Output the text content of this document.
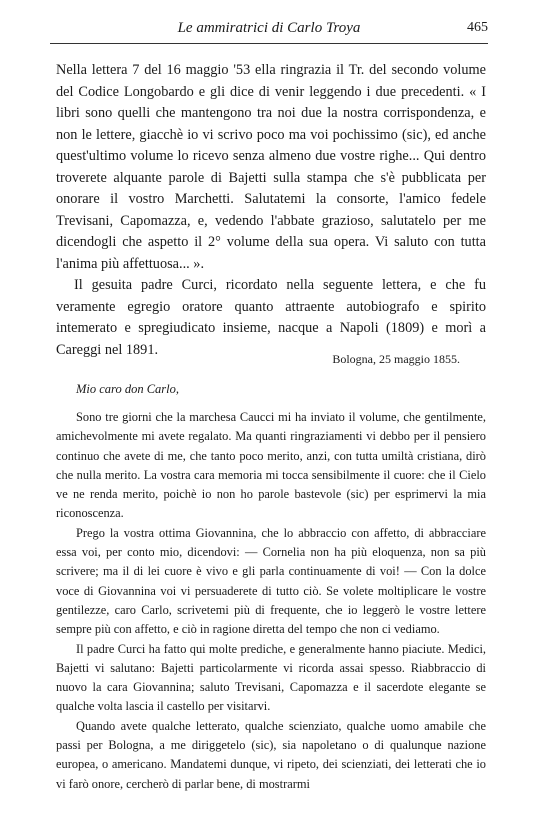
Le ammiratrici di Carlo Troya	465

Nella lettera 7 del 16 maggio '53 ella ringrazia il Tr. del secondo volume del Codice Longobardo e gli dice di venir leggendo i due precedenti. « I libri sono quelli che mantengono tra noi due la nostra corrispondenza, e non le lettere, giacchè io vi scrivo poco ma voi pochissimo (sic), ed anche quest'ultimo volume lo ricevo senza almeno due vostre righe... Qui dentro troverete alquante parole di Bajetti sulla stampa che s'è pubblicata per onorare il vostro Marchetti. Salutatemi la consorte, l'amico fedele Trevisani, Capomazza, e, vedendo l'abbate grazioso, salutatelo per me dicendogli che aspetto il 2° volume della sua opera. Vi saluto con tutta l'anima più affettuosa... ».

Il gesuita padre Curci, ricordato nella seguente lettera, e che fu veramente egregio oratore quanto attraente autobiografo e spirito intemerato e spregiudicato insieme, nacque a Napoli (1809) e morì a Careggi nel 1891.

Bologna, 25 maggio 1855.
Mio caro don Carlo,

Sono tre giorni che la marchesa Caucci mi ha inviato il volume, che gentilmente, amichevolmente mi avete regalato. Ma quanti ringraziamenti vi debbo per il pensiero continuo che avete di me, che tanto poco merito, anzi, con tutta umiltà cristiana, dirò che nulla merito. La vostra cara memoria mi tocca sensibilmente il cuore: che il Cielo ve ne renda merito, poichè io non ho parole bastevole (sic) per esprimervi la mia riconoscenza.

Prego la vostra ottima Giovannina, che lo abbraccio con affetto, di abbracciare essa voi, per conto mio, dicendovi: — Cornelia non ha più eloquenza, non sa più scrivere; ma il di lei cuore è vivo e gli parla continuamente di voi! — Con la dolce voce di Giovannina voi vi persuaderete di tutto ciò. Se volete moltiplicare le vostre gentilezze, caro Carlo, scrivetemi più di frequente, che io leggerò le vostre lettere sempre più con affetto, e ciò in ragione diretta del tempo che non ci vediamo.

Il padre Curci ha fatto qui molte prediche, e generalmente hanno piaciute. Medici, Bajetti vi salutano: Bajetti particolarmente vi ricorda assai spesso. Riabbraccio di nuovo la cara Giovannina; saluto Trevisani, Capomazza e il sacerdote elegante se qualche volta lascia il castello per visitarvi.

Quando avete qualche letterato, qualche scienziato, qualche uomo amabile che passi per Bologna, a me diriggetelo (sic), sia napoletano o di qualunque nazione europea, o americano. Mandatemi dunque, vi ripeto, dei scienziati, dei letterati che io vi farò onore, cercherò di parlar bene, di mostrarmi
